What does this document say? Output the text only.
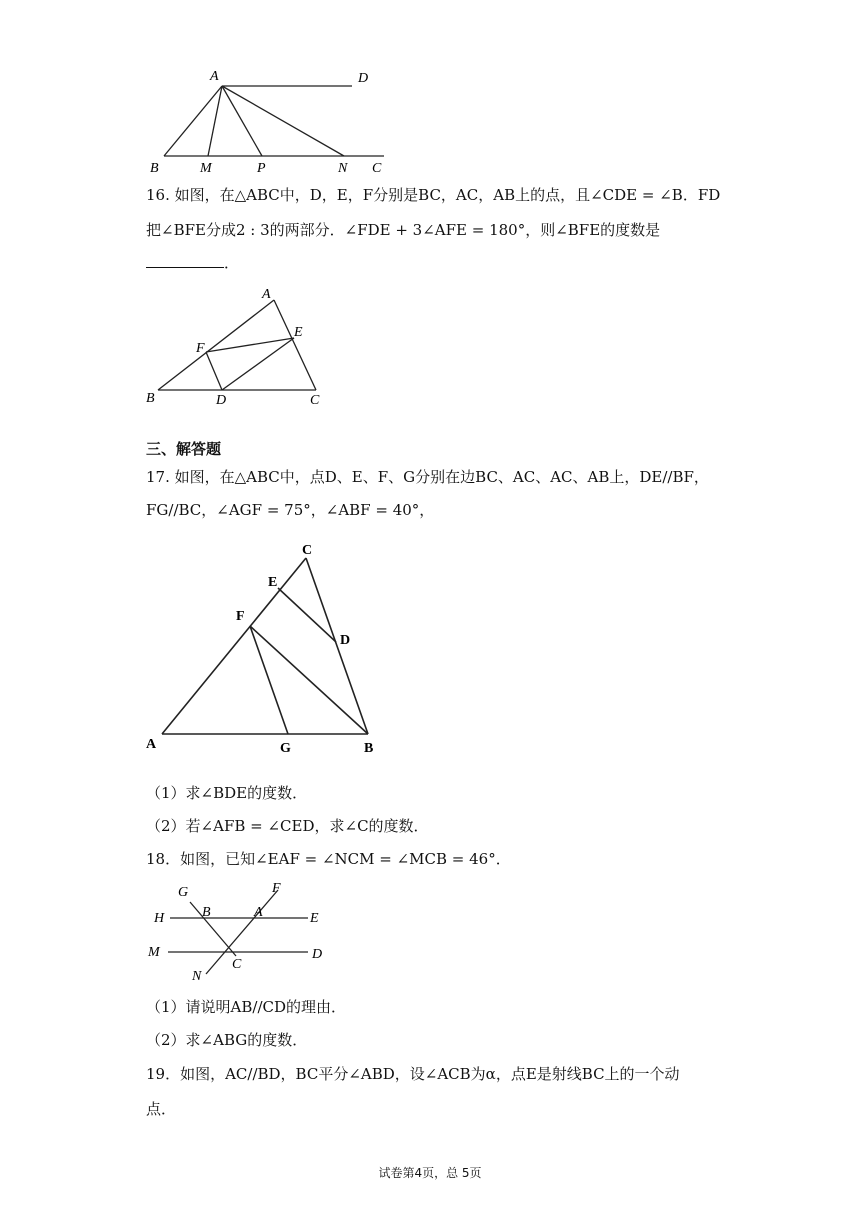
A	D
B	M	P	N C
16. 如图，在△ABC中，D，E，F分别是BC，AC，AB上的点，且∠CDE = ∠B．FD
把∠BFE分成2 : 3的两部分．∠FDE + 3∠AFE = 180°，则∠BFE的度数是
．
A
E
F
B	D	C
三、解答题
17. 如图，在△ABC中，点D、E、F、G分别在边BC、AC、AC、AB上，DE//BF，
FG//BC，∠AGF = 75°，∠ABF = 40°，
C
E
F
D
A	G	B
（1）求∠BDE的度数．
（2）若∠AFB = ∠CED，求∠C的度数．
18．如图，已知∠EAF = ∠NCM = ∠MCB = 46°．
G	F
H	B	A	E
M
C
D
N
（1）请说明AB//CD的理由．
（2）求∠ABG的度数．
19．如图，AC//BD，BC平分∠ABD，设∠ACB为α，点E是射线BC上的一个动
点．
试卷第4页，总 5页
